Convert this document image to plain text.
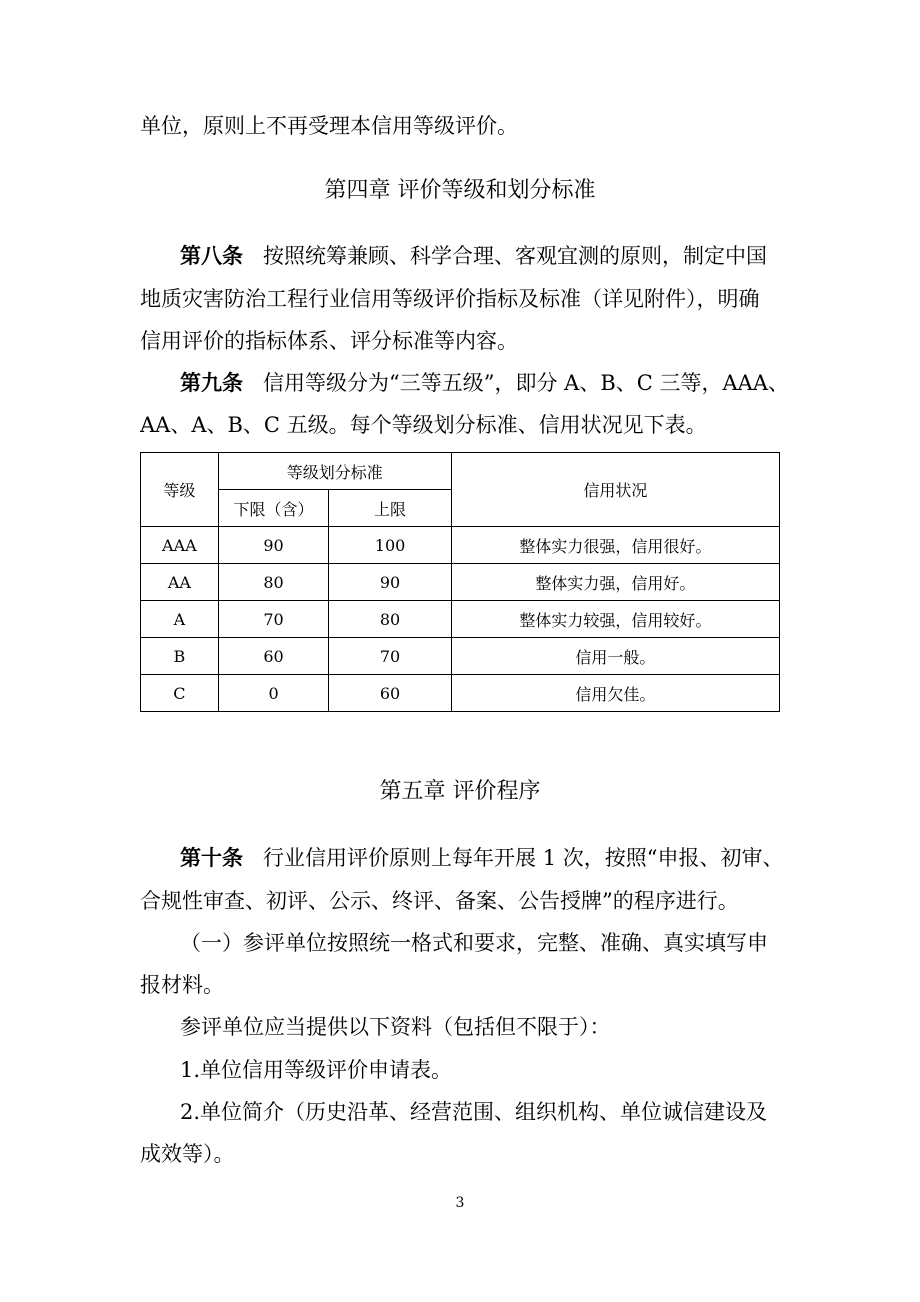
单位，原则上不再受理本信用等级评价。
第四章 评价等级和划分标准
第八条 按照统筹兼顾、科学合理、客观宜测的原则，制定中国
地质灾害防治工程行业信用等级评价指标及标准（详见附件），明确
信用评价的指标体系、评分标准等内容。
第九条 信用等级分为“三等五级”，即分 A、B、C 三等，AAA、
AA、A、B、C 五级。每个等级划分标准、信用状况见下表。
等级	等级划分标准		信用状况
	下限（含）	上限	
AAA	90	100	整体实力很强，信用很好。
AA	80	90	整体实力强，信用好。
A	70	80	整体实力较强，信用较好。
B	60	70	信用一般。
C	0	60	信用欠佳。
第五章 评价程序
第十条 行业信用评价原则上每年开展 1 次，按照“申报、初审、
合规性审查、初评、公示、终评、备案、公告授牌”的程序进行。
（一）参评单位按照统一格式和要求，完整、准确、真实填写申
报材料。
参评单位应当提供以下资料（包括但不限于）：
1.单位信用等级评价申请表。
2.单位简介（历史沿革、经营范围、组织机构、单位诚信建设及
成效等）。
3
